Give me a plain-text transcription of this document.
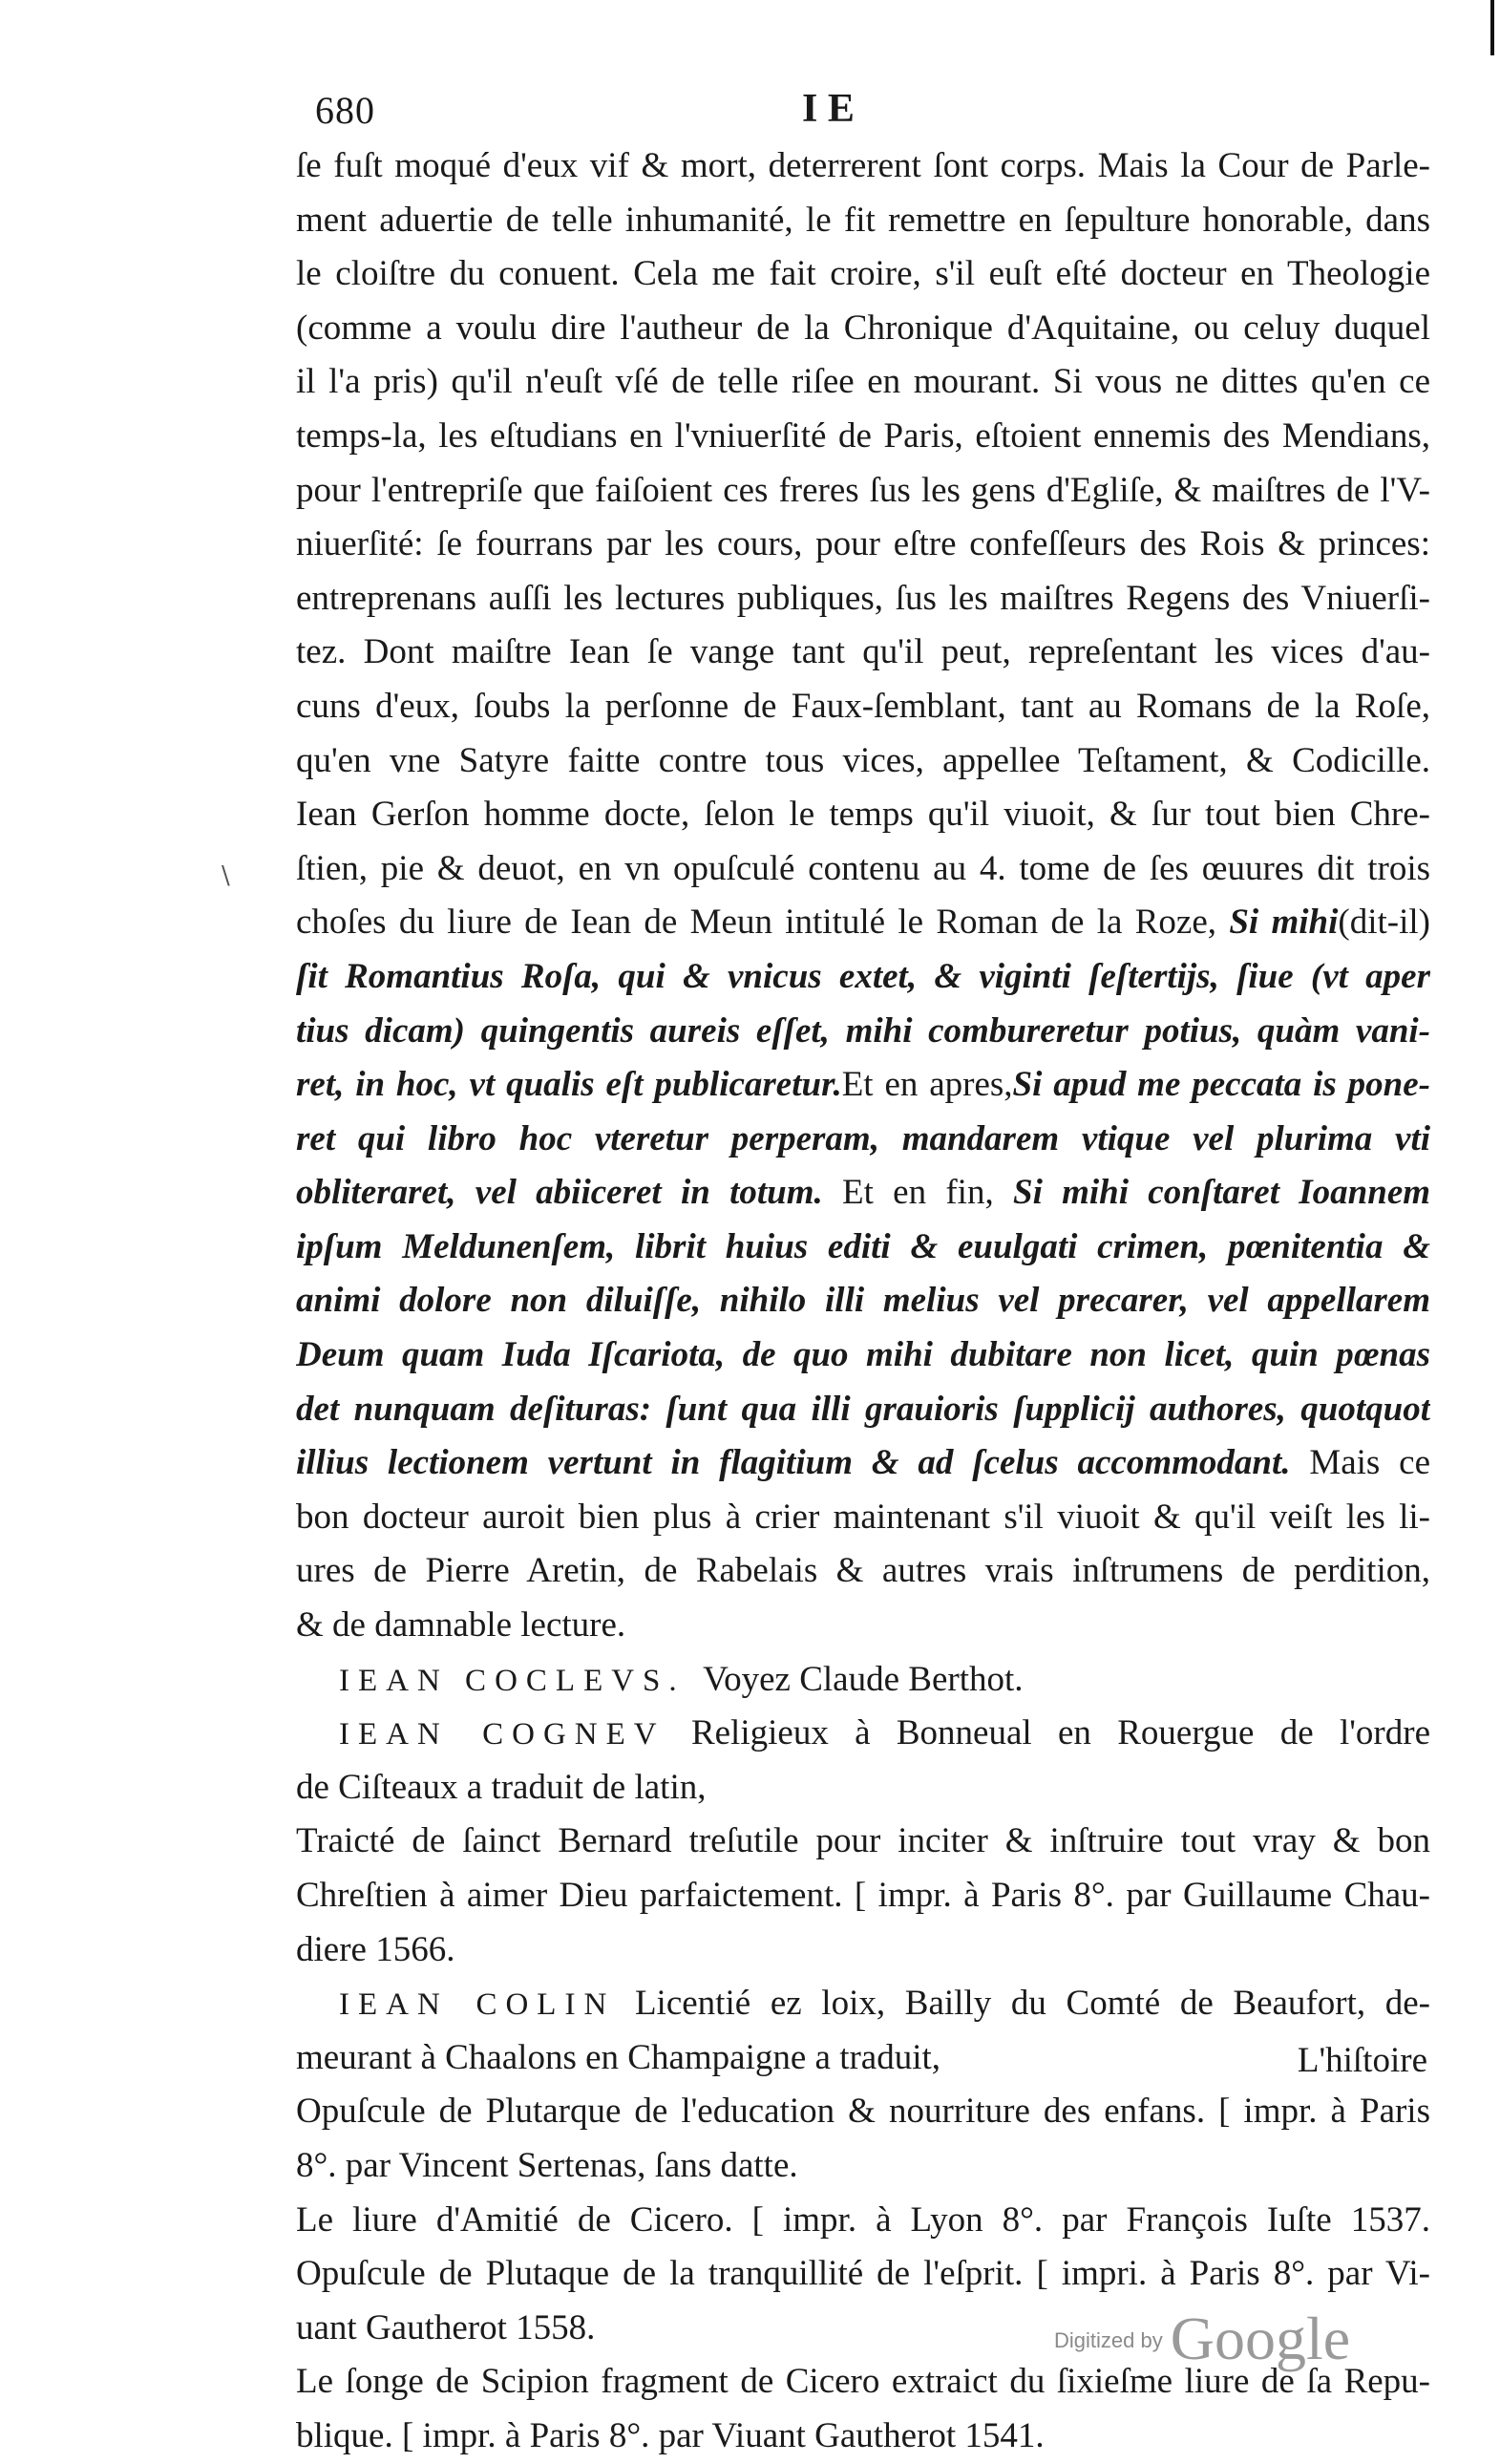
680	I E
\
ſe fuſt moqué d'eux vif & mort, deterrerent ſont corps. Mais la Cour de Parle-
ment aduertie de telle inhumanité, le fit remettre en ſepulture honorable, dans
le cloiſtre du conuent. Cela me fait croire, s'il euſt eſté docteur en Theologie
(comme a voulu dire l'autheur de la Chronique d'Aquitaine, ou celuy duquel
il l'a pris) qu'il n'euſt vſé de telle riſee en mourant. Si vous ne dittes qu'en ce
temps-la, les eſtudians en l'vniuerſité de Paris, eſtoient ennemis des Mendians,
pour l'entrepriſe que faiſoient ces freres ſus les gens d'Egliſe, & maiſtres de l'V-
niuerſité: ſe fourrans par les cours, pour eſtre confeſſeurs des Rois & princes:
entreprenans auſſi les lectures publiques, ſus les maiſtres Regens des Vniuerſi-
tez. Dont maiſtre Iean ſe vange tant qu'il peut, repreſentant les vices d'au-
cuns d'eux, ſoubs la perſonne de Faux-ſemblant, tant au Romans de la Roſe,
qu'en vne Satyre faitte contre tous vices, appellee Teſtament, & Codicille.
Iean Gerſon homme docte, ſelon le temps qu'il viuoit, & ſur tout bien Chre-
ſtien, pie & deuot, en vn opuſculé contenu au 4. tome de ſes œuures dit trois
choſes du liure de Iean de Meun intitulé le Roman de la Roze, Si mihi(dit-il)
ſit Romantius Roſa, qui & vnicus extet, & viginti ſeſtertijs, ſiue (vt aper
tius dicam) quingentis aureis eſſet, mihi combureretur potius, quàm vani-
ret, in hoc, vt qualis eſt publicaretur.Et en apres,Si apud me peccata is pone-
ret qui libro hoc vteretur perperam, mandarem vtique vel plurima vti
obliteraret, vel abiiceret in totum. Et en fin, Si mihi conſtaret Ioannem
ipſum Meldunenſem, librit huius editi & euulgati crimen, pœnitentia &
animi dolore non diluiſſe, nihilo illi melius vel precarer, vel appellarem
Deum quam Iuda Iſcariota, de quo mihi dubitare non licet, quin pœnas
det nunquam deſituras: ſunt qua illi grauioris ſupplicij authores, quotquot
illius lectionem vertunt in flagitium & ad ſcelus accommodant. Mais ce
bon docteur auroit bien plus à crier maintenant s'il viuoit & qu'il veiſt les li-
ures de Pierre Aretin, de Rabelais & autres vrais inſtrumens de perdition,
& de damnable lecture.
IEAN COCLEVS. Voyez Claude Berthot.
IEAN COGNEV Religieux à Bonneual en Rouergue de l'ordre
de Ciſteaux a traduit de latin,
Traicté de ſainct Bernard treſutile pour inciter & inſtruire tout vray & bon
Chreſtien à aimer Dieu parfaictement. [ impr. à Paris 8°. par Guillaume Chau-
diere 1566.
IEAN COLIN Licentié ez loix, Bailly du Comté de Beaufort, de-
meurant à Chaalons en Champaigne a traduit,
Opuſcule de Plutarque de l'education & nourriture des enfans. [ impr. à Paris
8°. par Vincent Sertenas, ſans datte.
Le liure d'Amitié de Cicero. [ impr. à Lyon 8°. par François Iuſte 1537.
Opuſcule de Plutaque de la tranquillité de l'eſprit. [ impri. à Paris 8°. par Vi-
uant Gautherot 1558.
Le ſonge de Scipion fragment de Cicero extraict du ſixieſme liure de ſa Repu-
blique. [ impr. à Paris 8°. par Viuant Gautherot 1541.
L'hiſtoire
Digitized by Google
